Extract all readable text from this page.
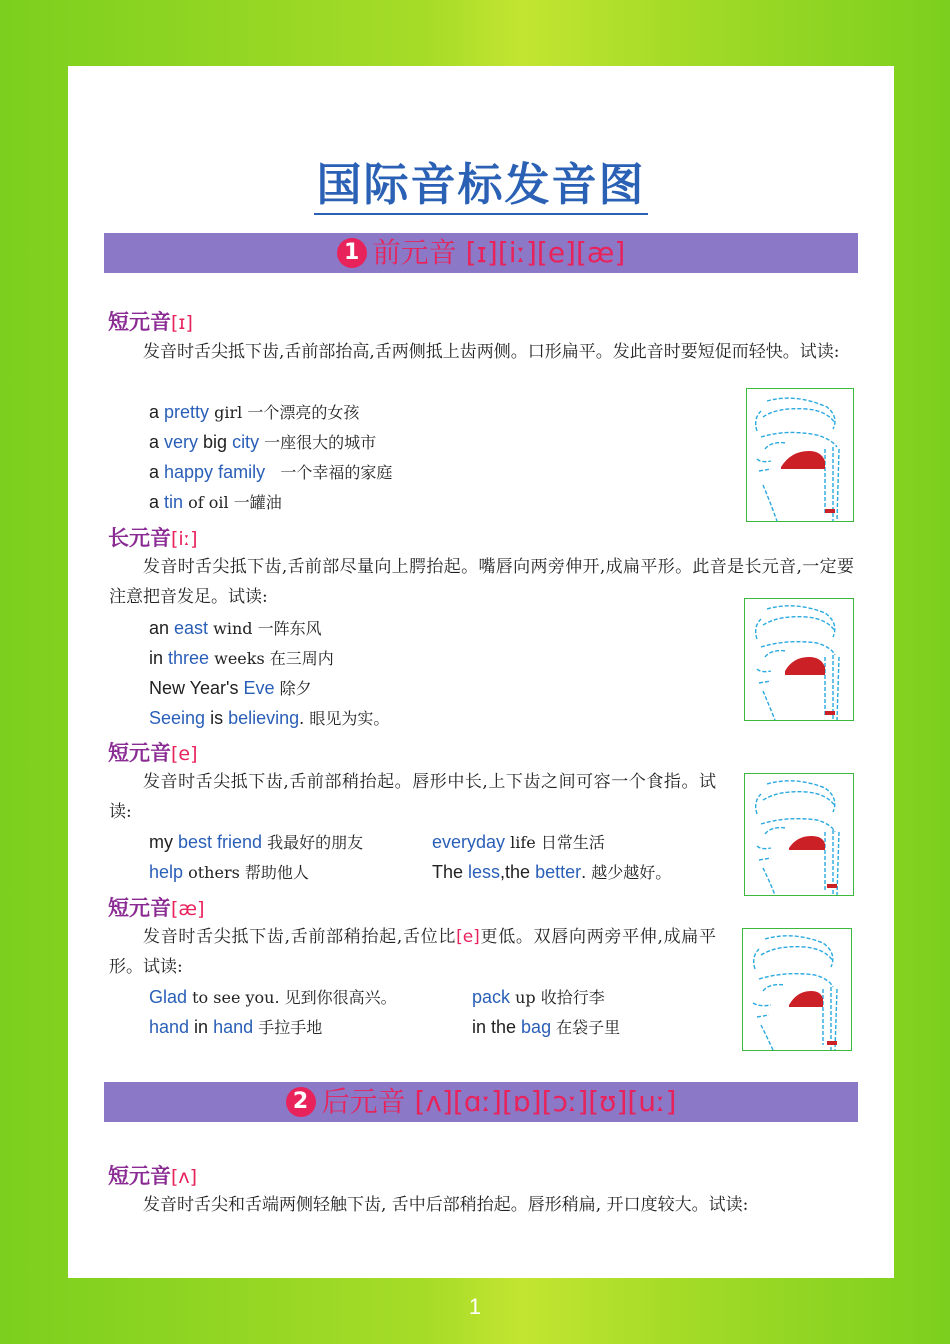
国际音标发音图
1 前元音 [ɪ][iː][e][æ]
短元音[ɪ]
发音时舌尖抵下齿,舌前部抬高,舌两侧抵上齿两侧。口形扁平。发此音时要短促而轻快。试读:
a pretty girl 一个漂亮的女孩
a very big city 一座很大的城市
a happy family   一个幸福的家庭
a tin of oil 一罐油
长元音[iː]
发音时舌尖抵下齿,舌前部尽量向上腭抬起。嘴唇向两旁伸开,成扁平形。此音是长元音,一定要注意把音发足。试读:
an east wind 一阵东风
in three weeks 在三周内
New Year's Eve 除夕
Seeing is believing. 眼见为实。
短元音[e]
发音时舌尖抵下齿,舌前部稍抬起。唇形中长,上下齿之间可容一个食指。试读:
my best friend 我最好的朋友	everyday life 日常生活
help others 帮助他人	The less,the better. 越少越好。
短元音[æ]
发音时舌尖抵下齿,舌前部稍抬起,舌位比[e]更低。双唇向两旁平伸,成扁平形。试读:
Glad to see you. 见到你很高兴。	pack up 收拾行李
hand in hand 手拉手地	in the bag 在袋子里
2 后元音 [ʌ][ɑː][ɒ][ɔː][ʊ][uː]
短元音[ʌ]
发音时舌尖和舌端两侧轻触下齿, 舌中后部稍抬起。唇形稍扁, 开口度较大。试读:
1
